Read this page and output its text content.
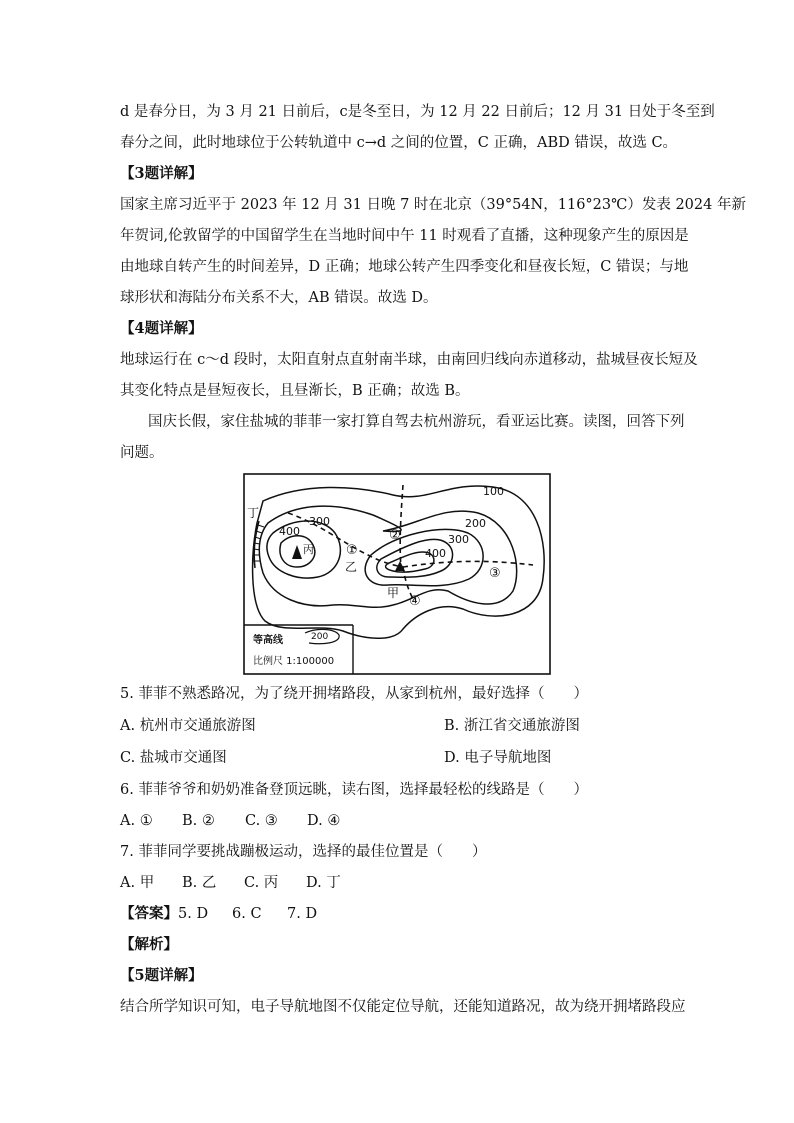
d 是春分日，为 3 月 21 日前后，c是冬至日，为 12 月 22 日前后；12 月 31 日处于冬至到
春分之间，此时地球位于公转轨道中 c→d 之间的位置，C 正确，ABD 错误，故选 C。
【3题详解】
国家主席习近平于 2023 年 12 月 31 日晚 7 时在北京（39°54N，116°23℃）发表 2024 年新
年贺词,伦敦留学的中国留学生在当地时间中午 11 时观看了直播，这种现象产生的原因是
由地球自转产生的时间差异，D 正确；地球公转产生四季变化和昼夜长短，C 错误；与地
球形状和海陆分布关系不大，AB 错误。故选 D。
【4题详解】
地球运行在 c～d 段时，太阳直射点直射南半球，由南回归线向赤道移动，盐城昼夜长短及
其变化特点是昼短夜长，且昼渐长，B 正确；故选 B。
国庆长假，家住盐城的菲菲一家打算自驾去杭州游玩，看亚运比赛。读图，回答下列
问题。
100
200
300
400
300
400
丁
丙
乙
甲
①
②
③
④
等高线	200
比例尺 1:100000
5. 菲菲不熟悉路况，为了绕开拥堵路段，从家到杭州，最好选择（　　）
A. 杭州市交通旅游图	B. 浙江省交通旅游图
C. 盐城市交通图	D. 电子导航地图
6. 菲菲爷爷和奶奶准备登顶远眺，读右图，选择最轻松的线路是（　　）
A. ① B. ② C. ③ D. ④
7. 菲菲同学要挑战蹦极运动，选择的最佳位置是（　　）
A. 甲 B. 乙 C. 丙 D. 丁
【答案】5. D 6. C 7. D
【解析】
【5题详解】
结合所学知识可知，电子导航地图不仅能定位导航，还能知道路况，故为绕开拥堵路段应
